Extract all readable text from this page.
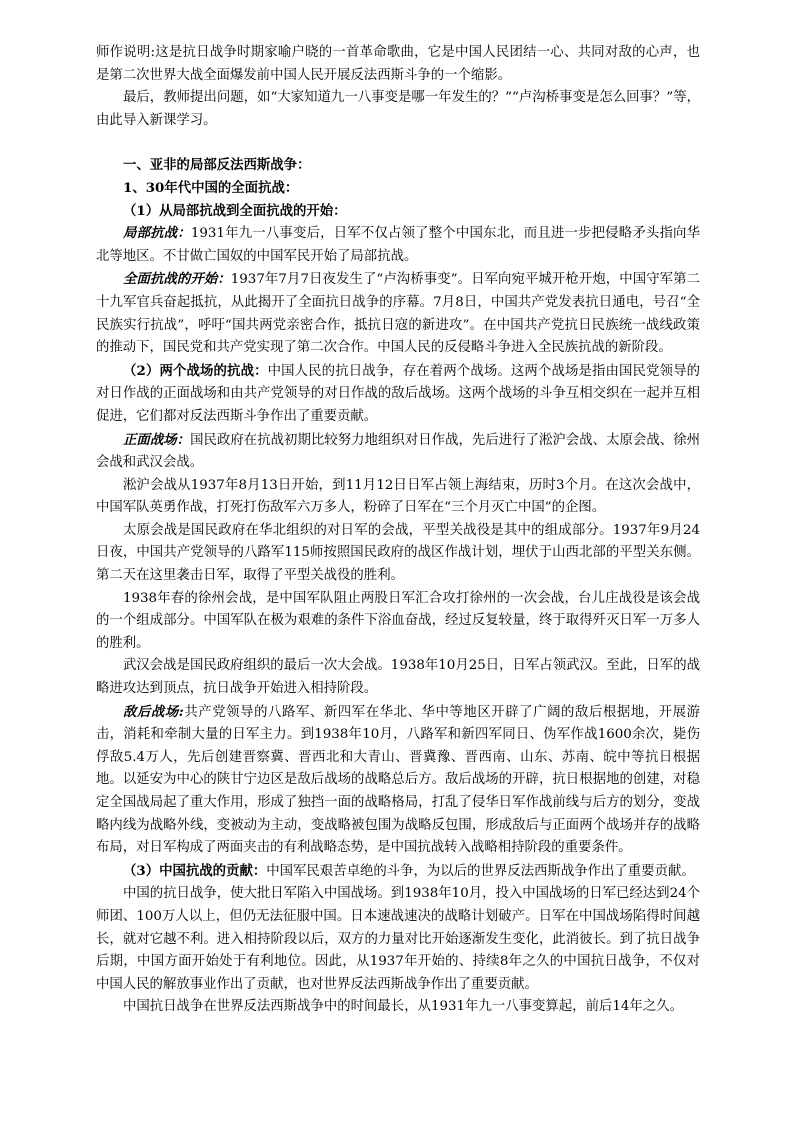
师作说明:这是抗日战争时期家喻户晓的一首革命歌曲，它是中国人民团结一心、共同对敌的心声，也是第二次世界大战全面爆发前中国人民开展反法西斯斗争的一个缩影。

最后，教师提出问题，如“大家知道九一八事变是哪一年发生的？”“卢沟桥事变是怎么回事？”等，由此导入新课学习。

一、亚非的局部反法西斯战争：

1、30年代中国的全面抗战：

（1）从局部抗战到全面抗战的开始：

局部抗战：1931年九一八事变后，日军不仅占领了整个中国东北，而且进一步把侵略矛头指向华北等地区。不甘做亡国奴的中国军民开始了局部抗战。

全面抗战的开始：1937年7月7日夜发生了“卢沟桥事变”。日军向宛平城开枪开炮，中国守军第二十九军官兵奋起抵抗，从此揭开了全面抗日战争的序幕。7月8日，中国共产党发表抗日通电，号召“全民族实行抗战”，呼吁“国共两党亲密合作，抵抗日寇的新进攻”。在中国共产党抗日民族统一战线政策的推动下，国民党和共产党实现了第二次合作。中国人民的反侵略斗争进入全民族抗战的新阶段。

（2）两个战场的抗战：中国人民的抗日战争，存在着两个战场。这两个战场是指由国民党领导的对日作战的正面战场和由共产党领导的对日作战的敌后战场。这两个战场的斗争互相交织在一起并互相促进，它们都对反法西斯斗争作出了重要贡献。

正面战场：国民政府在抗战初期比较努力地组织对日作战，先后进行了淞沪会战、太原会战、徐州会战和武汉会战。

淞沪会战从1937年8月13日开始，到11月12日日军占领上海结束，历时3个月。在这次会战中，中国军队英勇作战，打死打伤敌军六万多人，粉碎了日军在“三个月灭亡中国”的企图。

太原会战是国民政府在华北组织的对日军的会战，平型关战役是其中的组成部分。1937年9月24日夜，中国共产党领导的八路军115师按照国民政府的战区作战计划，埋伏于山西北部的平型关东侧。第二天在这里袭击日军，取得了平型关战役的胜利。

1938年春的徐州会战，是中国军队阻止两股日军汇合攻打徐州的一次会战，台儿庄战役是该会战的一个组成部分。中国军队在极为艰难的条件下浴血奋战，经过反复较量，终于取得歼灭日军一万多人的胜利。

武汉会战是国民政府组织的最后一次大会战。1938年10月25日，日军占领武汉。至此，日军的战略进攻达到顶点，抗日战争开始进入相持阶段。

敌后战场:共产党领导的八路军、新四军在华北、华中等地区开辟了广阔的敌后根据地，开展游击，消耗和牵制大量的日军主力。到1938年10月，八路军和新四军同日、伪军作战1600余次，毙伤俘敌5.4万人，先后创建晋察冀、晋西北和大青山、晋冀豫、晋西南、山东、苏南、皖中等抗日根据地。以延安为中心的陕甘宁边区是敌后战场的战略总后方。敌后战场的开辟，抗日根据地的创建，对稳定全国战局起了重大作用，形成了独挡一面的战略格局，打乱了侵华日军作战前线与后方的划分，变战略内线为战略外线，变被动为主动，变战略被包围为战略反包围，形成敌后与正面两个战场并存的战略布局，对日军构成了两面夹击的有利战略态势，是中国抗战转入战略相持阶段的重要条件。

（3）中国抗战的贡献：中国军民艰苦卓绝的斗争，为以后的世界反法西斯战争作出了重要贡献。

中国的抗日战争，使大批日军陷入中国战场。到1938年10月，投入中国战场的日军已经达到24个师团、100万人以上，但仍无法征服中国。日本速战速决的战略计划破产。日军在中国战场陷得时间越长，就对它越不利。进入相持阶段以后，双方的力量对比开始逐渐发生变化，此消彼长。到了抗日战争后期，中国方面开始处于有利地位。因此，从1937年开始的、持续8年之久的中国抗日战争，不仅对中国人民的解放事业作出了贡献，也对世界反法西斯战争作出了重要贡献。

中国抗日战争在世界反法西斯战争中的时间最长，从1931年九一八事变算起，前后14年之久。
